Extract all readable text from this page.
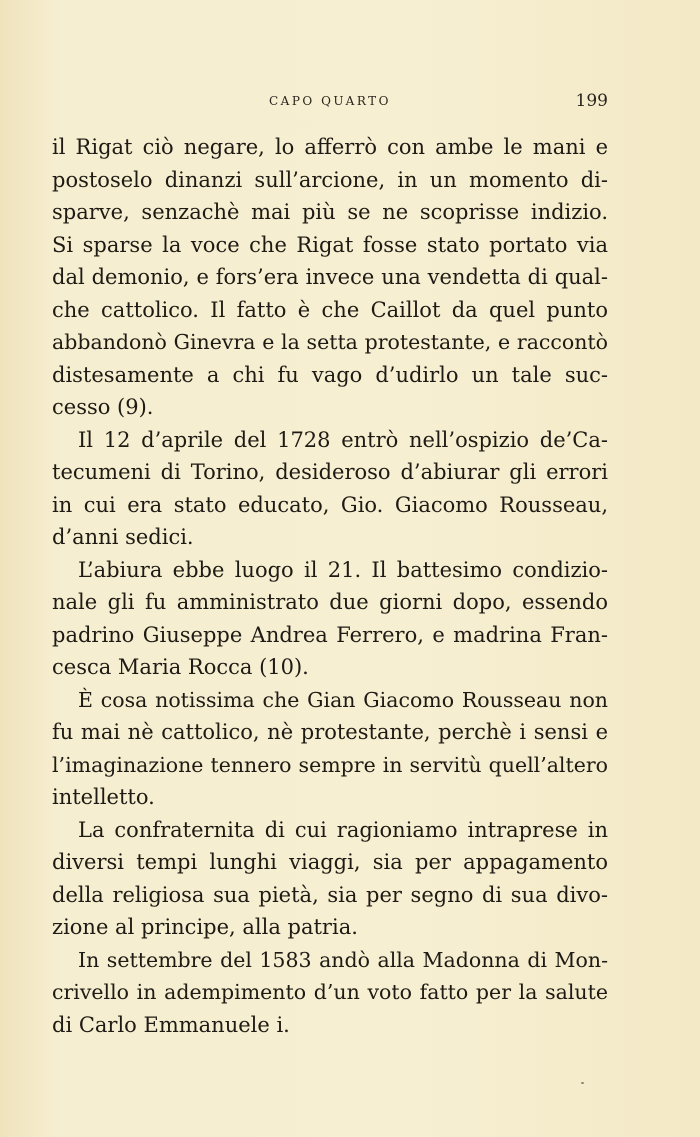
CAPO QUARTO	199
il Rigat ciò negare, lo afferrò con ambe le mani e
postoselo dinanzi sull’arcione, in un momento di-
sparve, senzachè mai più se ne scoprisse indizio.
Si sparse la voce che Rigat fosse stato portato via
dal demonio, e fors’era invece una vendetta di qual-
che cattolico. Il fatto è che Caillot da quel punto
abbandonò Ginevra e la setta protestante, e raccontò
distesamente a chi fu vago d’udirlo un tale suc-
cesso (9).
Il 12 d’aprile del 1728 entrò nell’ospizio de’Ca-
tecumeni di Torino, desideroso d’abiurar gli errori
in cui era stato educato, Gio. Giacomo Rousseau,
d’anni sedici.
L’abiura ebbe luogo il 21. Il battesimo condizio-
nale gli fu amministrato due giorni dopo, essendo
padrino Giuseppe Andrea Ferrero, e madrina Fran-
cesca Maria Rocca (10).
È cosa notissima che Gian Giacomo Rousseau non
fu mai nè cattolico, nè protestante, perchè i sensi e
l’imaginazione tennero sempre in servitù quell’altero
intelletto.
La confraternita di cui ragioniamo intraprese in
diversi tempi lunghi viaggi, sia per appagamento
della religiosa sua pietà, sia per segno di sua divo-
zione al principe, alla patria.
In settembre del 1583 andò alla Madonna di Mon-
crivello in adempimento d’un voto fatto per la salute
di Carlo Emmanuele i.
